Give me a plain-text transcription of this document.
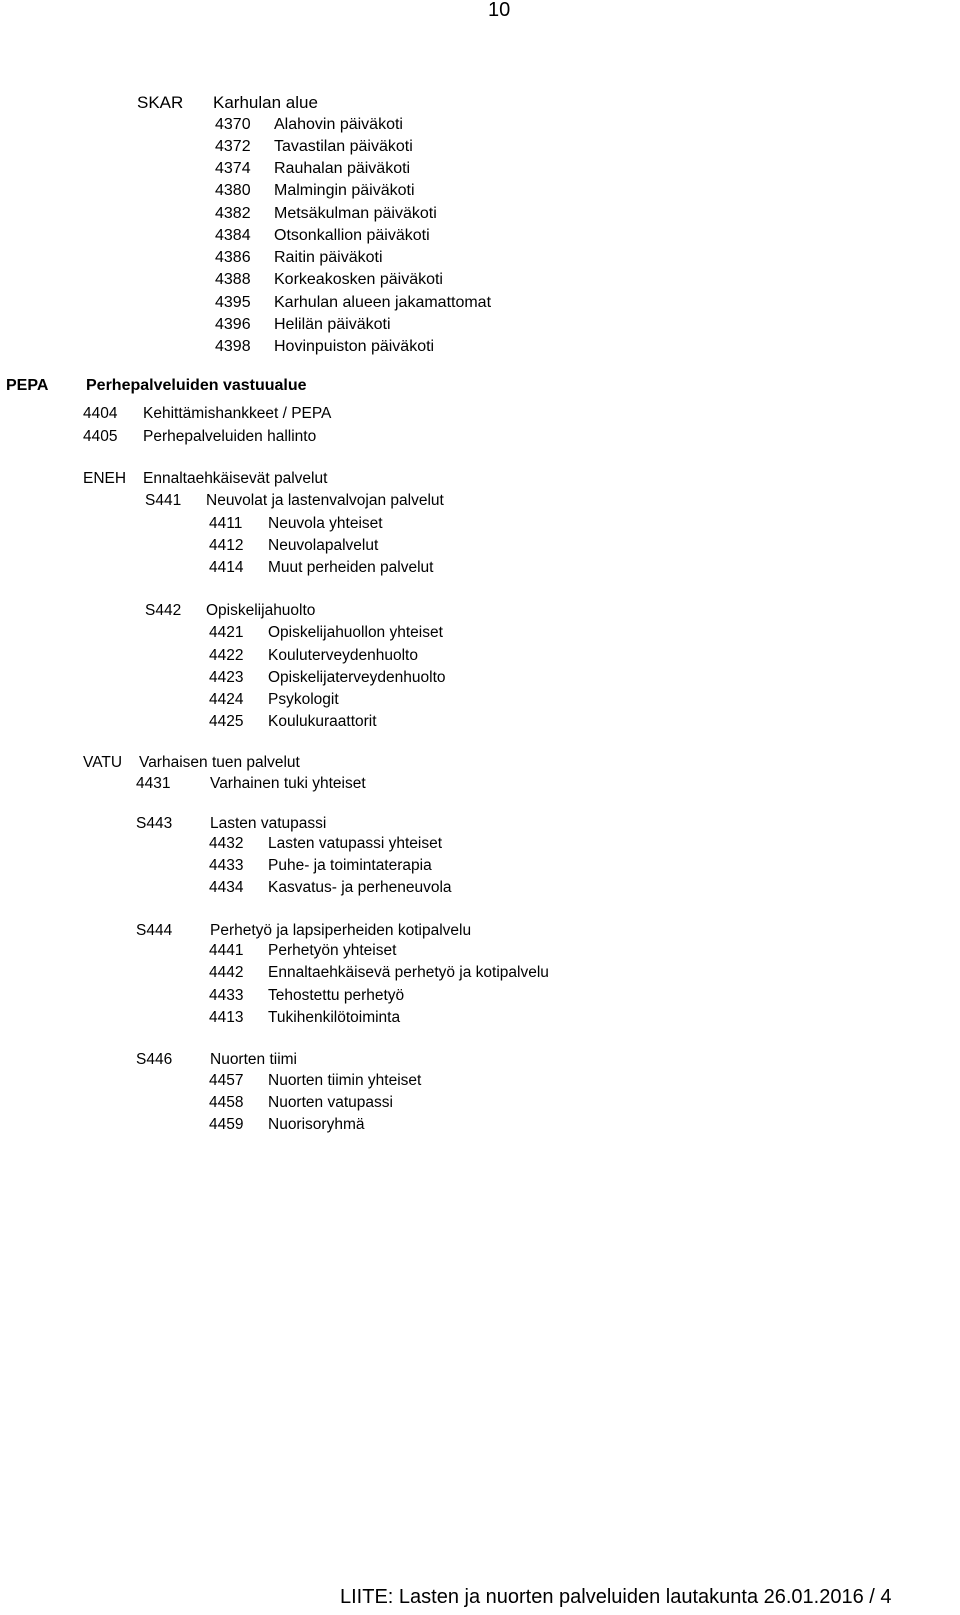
10
SKAR Karhulan alue
4370 Alahovin päiväkoti
4372 Tavastilan päiväkoti
4374 Rauhalan päiväkoti
4380 Malmingin päiväkoti
4382 Metsäkulman päiväkoti
4384 Otsonkallion päiväkoti
4386 Raitin päiväkoti
4388 Korkeakosken päiväkoti
4395 Karhulan alueen jakamattomat
4396 Helilän päiväkoti
4398 Hovinpuiston päiväkoti
PEPA Perhepalveluiden vastuualue
4404 Kehittämishankkeet / PEPA
4405 Perhepalveluiden hallinto
ENEH Ennaltaehkäisevät palvelut
S441 Neuvolat ja lastenvalvojan palvelut
4411 Neuvola yhteiset
4412 Neuvolapalvelut
4414 Muut perheiden palvelut
S442 Opiskelijahuolto
4421 Opiskelijahuollon yhteiset
4422 Kouluterveydenhuolto
4423 Opiskelijaterveydenhuolto
4424 Psykologit
4425 Koulukuraattorit
VATU Varhaisen tuen palvelut
4431	Varhainen tuki yhteiset
S443 Lasten vatupassi
4432 Lasten vatupassi yhteiset
4433 Puhe- ja toimintaterapia
4434 Kasvatus- ja perheneuvola
S444 Perhetyö ja lapsiperheiden kotipalvelu
4441 Perhetyön yhteiset
4442 Ennaltaehkäisevä perhetyö ja kotipalvelu
4433 Tehostettu perhetyö
4413 Tukihenkilötoiminta
S446 Nuorten tiimi
4457 Nuorten tiimin yhteiset
4458 Nuorten vatupassi
4459 Nuorisoryhmä
LIITE: Lasten ja nuorten palveluiden lautakunta 26.01.2016 / 4
